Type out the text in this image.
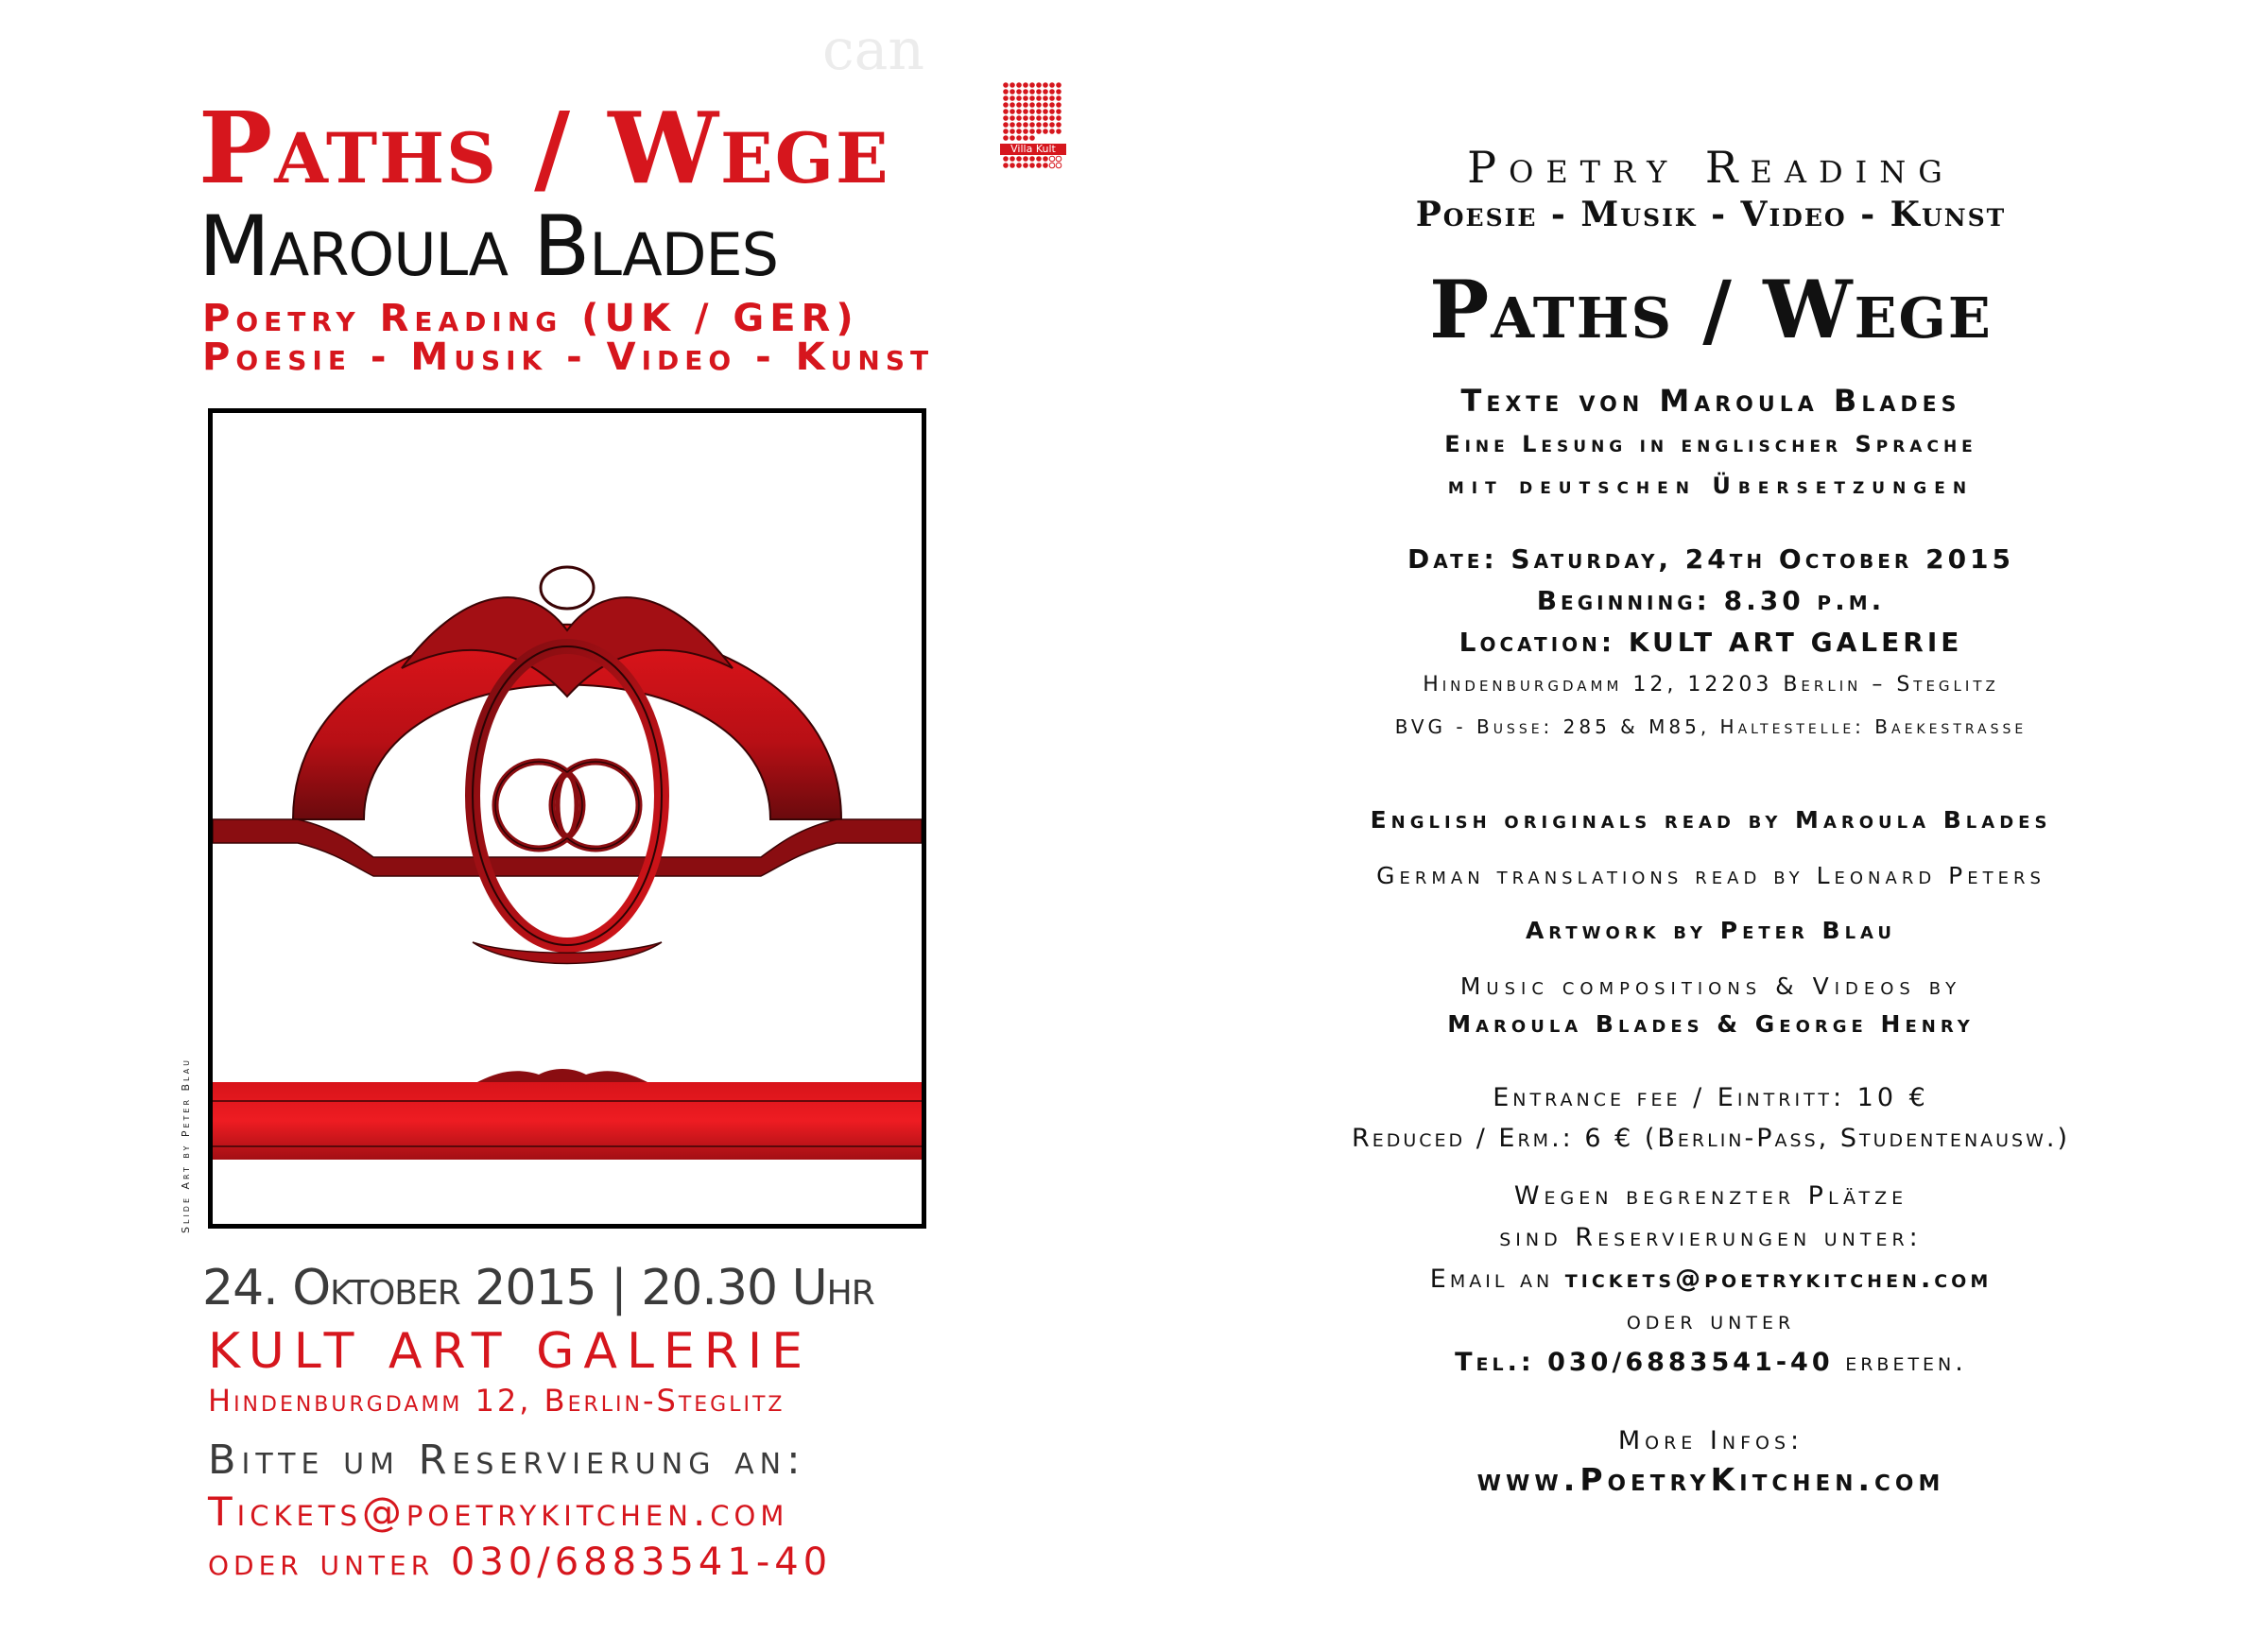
can
Villa Kult
Paths / Wege
Maroula Blades
Poetry Reading (UK / GER)
Poesie - Musik - Video - Kunst
Slide Art by Peter Blau
24. Oktober 2015 | 20.30 Uhr
KULT ART GALERIE
Hindenburgdamm 12, Berlin-Steglitz
Bitte um Reservierung an:
Tickets@poetrykitchen.com
oder unter 030/6883541-40
Poetry Reading
Poesie - Musik - Video - Kunst
Paths / Wege
Texte von Maroula Blades
Eine Lesung in englischer Sprache
mit deutschen Übersetzungen
Date: Saturday, 24th October 2015
Beginning: 8.30 p.m.
Location: KULT ART GALERIE
Hindenburgdamm 12, 12203 Berlin – Steglitz
BVG - Busse: 285 & M85, Haltestelle: Baekestrasse
English originals read by Maroula Blades
German translations read by Leonard Peters
Artwork by Peter Blau
Music compositions & Videos by
Maroula Blades & George Henry
Entrance fee / Eintritt: 10 €
Reduced / Erm.: 6 € (Berlin-Pass, Studentenausw.)
Wegen begrenzter Plätze
sind Reservierungen unter:
Email an tickets@poetrykitchen.com
oder unter
Tel.: 030/6883541-40 erbeten.
More Infos:
www.PoetryKitchen.com
